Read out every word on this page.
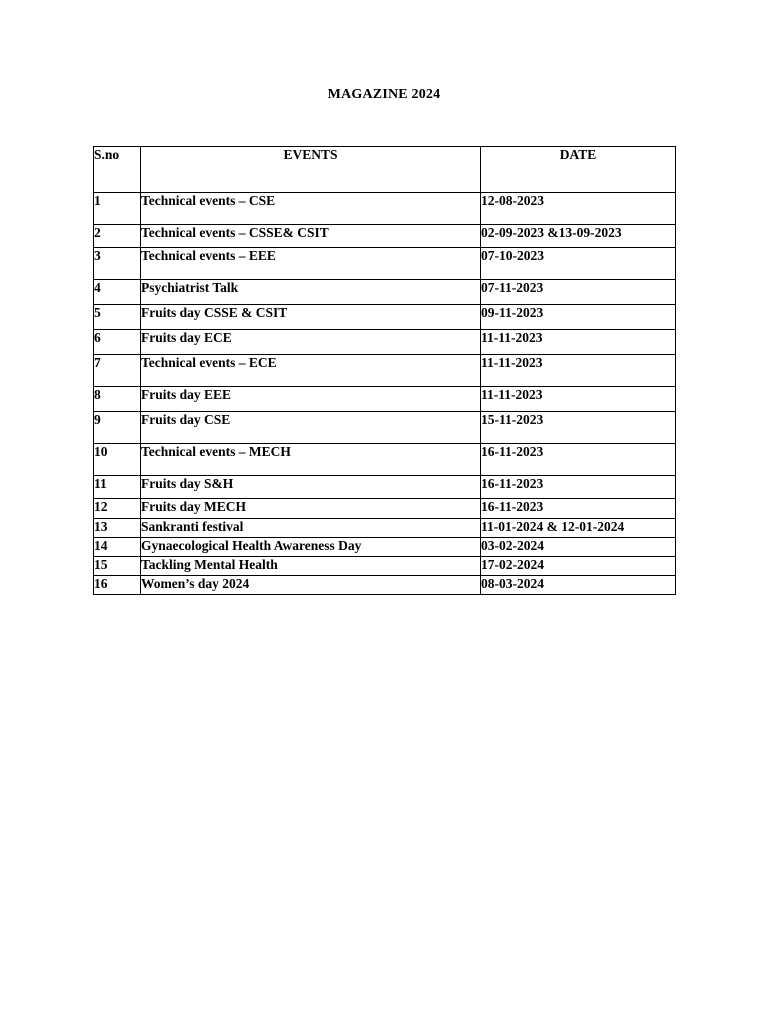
MAGAZINE 2024
S.no	EVENTS	DATE
1	Technical events – CSE	12-08-2023
2	Technical events – CSSE& CSIT	02-09-2023 &13-09-2023
3	Technical events – EEE	07-10-2023
4	Psychiatrist Talk	07-11-2023
5	Fruits day CSSE & CSIT	09-11-2023
6	Fruits day ECE	11-11-2023
7	Technical events – ECE	11-11-2023
8	Fruits day EEE	11-11-2023
9	Fruits day CSE	15-11-2023
10	Technical events – MECH	16-11-2023
11	Fruits day S&H	16-11-2023
12	Fruits day MECH	16-11-2023
13	Sankranti festival	11-01-2024 & 12-01-2024
14	Gynaecological Health Awareness Day	03-02-2024
15	Tackling Mental Health	17-02-2024
16	Women’s day 2024	08-03-2024
